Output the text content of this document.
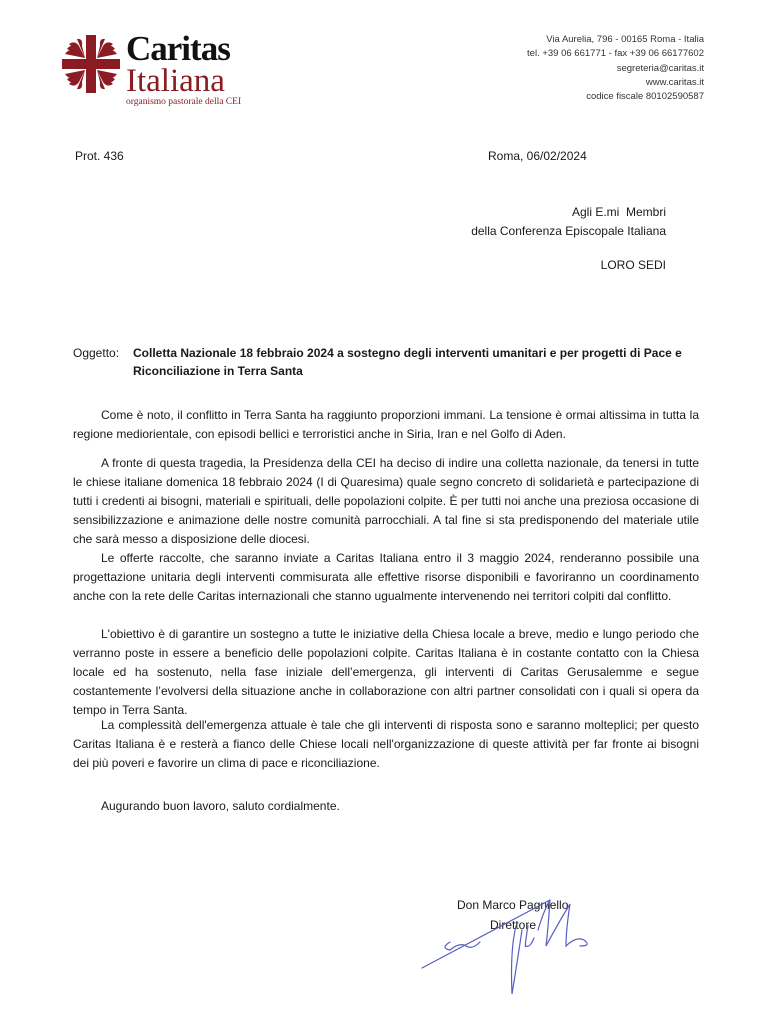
Caritas
Italiana
organismo pastorale della CEI
Via Aurelia, 796 - 00165 Roma - Italia
tel. +39 06 661771 - fax +39 06 66177602
segreteria@caritas.it
www.caritas.it
codice fiscale 80102590587
Prot. 436	Roma, 06/02/2024
Agli E.mi  Membri
della Conferenza Episcopale Italiana
LORO SEDI
Oggetto: Colletta Nazionale 18 febbraio 2024 a sostegno degli interventi umanitari e per progetti di Pace e Riconciliazione in Terra Santa

Come è noto, il conflitto in Terra Santa ha raggiunto proporzioni immani. La tensione è ormai altissima in tutta la regione mediorientale, con episodi bellici e terroristici anche in Siria, Iran e nel Golfo di Aden.

A fronte di questa tragedia, la Presidenza della CEI ha deciso di indire una colletta nazionale, da tenersi in tutte le chiese italiane domenica 18 febbraio 2024 (I di Quaresima) quale segno concreto di solidarietà e partecipazione di tutti i credenti ai bisogni, materiali e spirituali, delle popolazioni colpite. È per tutti noi anche una preziosa occasione di sensibilizzazione e animazione delle nostre comunità parrocchiali. A tal fine si sta predisponendo del materiale utile che sarà messo a disposizione delle diocesi.

Le offerte raccolte, che saranno inviate a Caritas Italiana entro il 3 maggio 2024, renderanno possibile una progettazione unitaria degli interventi commisurata alle effettive risorse disponibili e favoriranno un coordinamento anche con la rete delle Caritas internazionali che stanno ugualmente intervenendo nei territori colpiti dal conflitto.

L'obiettivo è di garantire un sostegno a tutte le iniziative della Chiesa locale a breve, medio e lungo periodo che verranno poste in essere a beneficio delle popolazioni colpite. Caritas Italiana è in costante contatto con la Chiesa locale ed ha sostenuto, nella fase iniziale dell’emergenza, gli interventi di Caritas Gerusalemme e segue costantemente l’evolversi della situazione anche in collaborazione con altri partner consolidati con i quali si opera da tempo in Terra Santa.

La complessità dell'emergenza attuale è tale che gli interventi di risposta sono e saranno molteplici; per questo Caritas Italiana è e resterà a fianco delle Chiese locali nell'organizzazione di queste attività per far fronte ai bisogni dei più poveri e favorire un clima di pace e riconciliazione.

Augurando buon lavoro, saluto cordialmente.
Don Marco Pagniello
Direttore
